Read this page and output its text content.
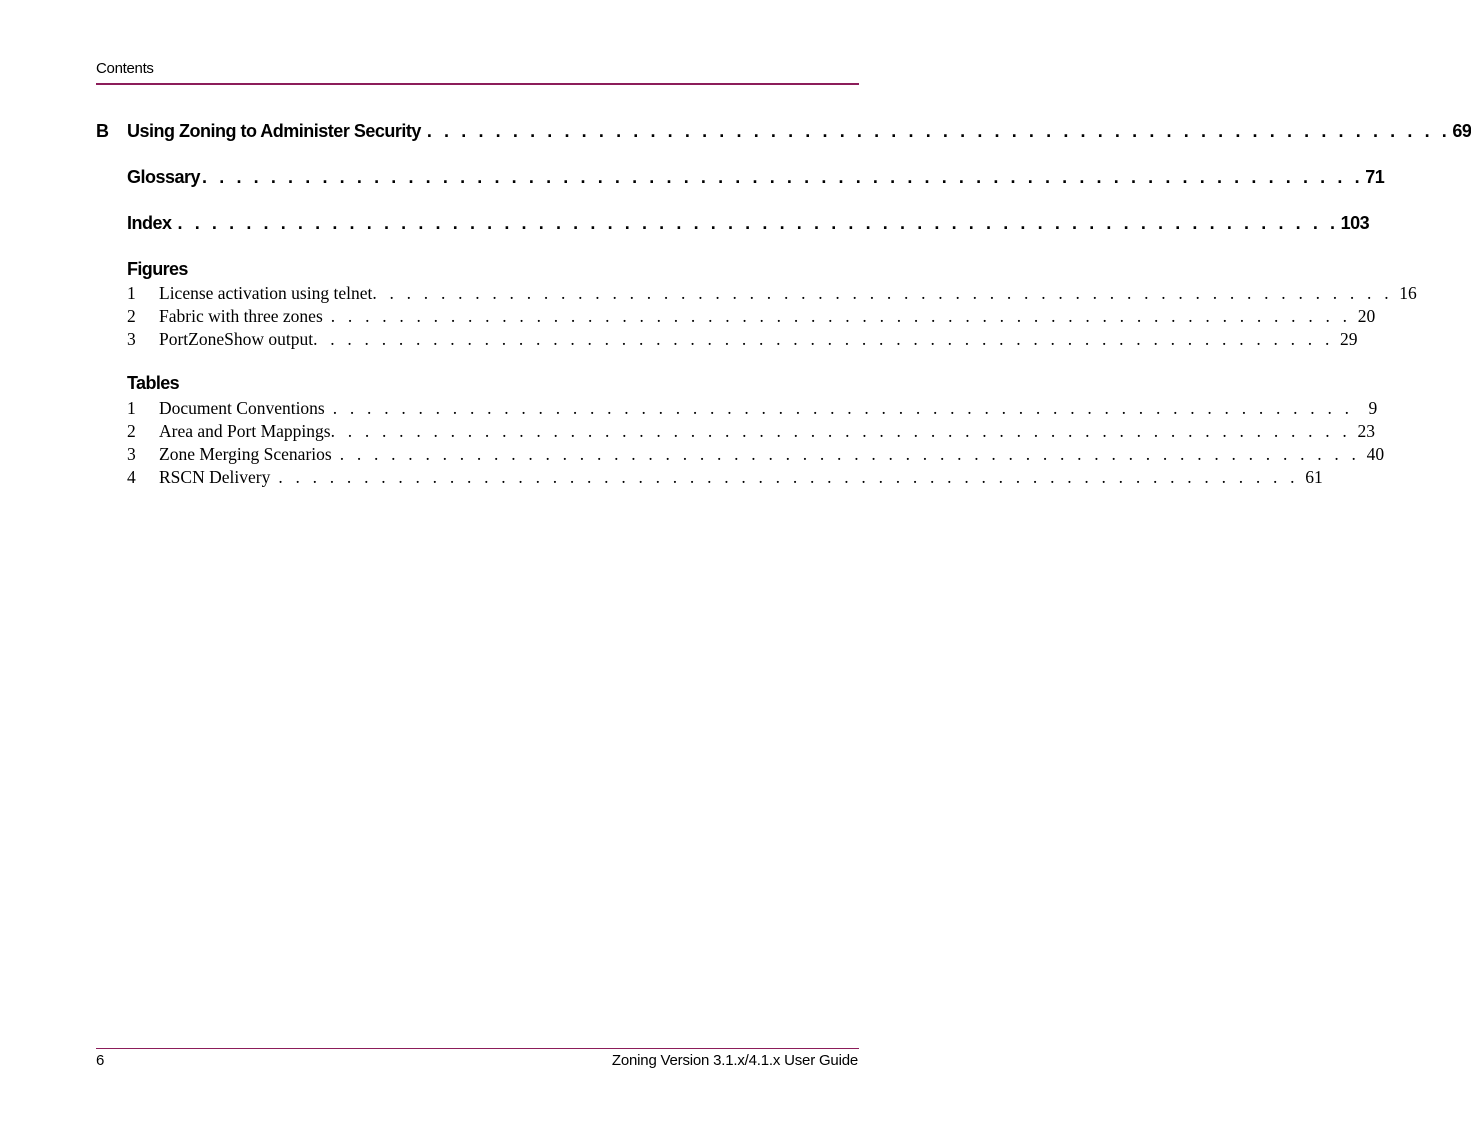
Contents
B	Using Zoning to Administer Security . . . . . . . . . . . . . . . . . . . . . . . . . . . . . . . . . . . . . . . . . . . . . . . . . . . . . . . . . . . . 69
Glossary . . . . . . . . . . . . . . . . . . . . . . . . . . . . . . . . . . . . . . . . . . . . . . . . . . . . . . . . . . . . . . . . . . . . 71
Index . . . . . . . . . . . . . . . . . . . . . . . . . . . . . . . . . . . . . . . . . . . . . . . . . . . . . . . . . . . . . . . . . . . . 103
Figures
1	License activation using telnet . . . . . . . . . . . . . . . . . . . . . . . . . . . . . . . . . . . . . . . . . . . . . . . . . . . . . . . . . . . . 16
2	Fabric with three zones . . . . . . . . . . . . . . . . . . . . . . . . . . . . . . . . . . . . . . . . . . . . . . . . . . . . . . . . . . . . 20
3	PortZoneShow output . . . . . . . . . . . . . . . . . . . . . . . . . . . . . . . . . . . . . . . . . . . . . . . . . . . . . . . . . . . . 29
Tables
1	Document Conventions . . . . . . . . . . . . . . . . . . . . . . . . . . . . . . . . . . . . . . . . . . . . . . . . . . . . . . . . . . . . 9
2	Area and Port Mappings . . . . . . . . . . . . . . . . . . . . . . . . . . . . . . . . . . . . . . . . . . . . . . . . . . . . . . . . . . . . 23
3	Zone Merging Scenarios . . . . . . . . . . . . . . . . . . . . . . . . . . . . . . . . . . . . . . . . . . . . . . . . . . . . . . . . . . . . 40
4	RSCN Delivery . . . . . . . . . . . . . . . . . . . . . . . . . . . . . . . . . . . . . . . . . . . . . . . . . . . . . . . . . . . . 61
6	Zoning Version 3.1.x/4.1.x User Guide
